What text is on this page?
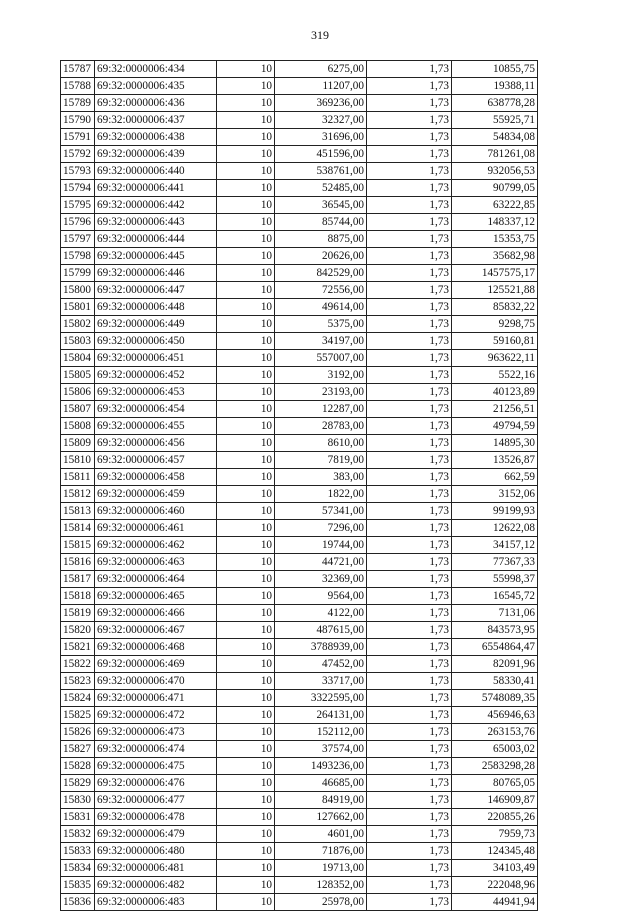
319
15787	69:32:0000006:434	10	6275,00	1,73	10855,75
15788	69:32:0000006:435	10	11207,00	1,73	19388,11
15789	69:32:0000006:436	10	369236,00	1,73	638778,28
15790	69:32:0000006:437	10	32327,00	1,73	55925,71
15791	69:32:0000006:438	10	31696,00	1,73	54834,08
15792	69:32:0000006:439	10	451596,00	1,73	781261,08
15793	69:32:0000006:440	10	538761,00	1,73	932056,53
15794	69:32:0000006:441	10	52485,00	1,73	90799,05
15795	69:32:0000006:442	10	36545,00	1,73	63222,85
15796	69:32:0000006:443	10	85744,00	1,73	148337,12
15797	69:32:0000006:444	10	8875,00	1,73	15353,75
15798	69:32:0000006:445	10	20626,00	1,73	35682,98
15799	69:32:0000006:446	10	842529,00	1,73	1457575,17
15800	69:32:0000006:447	10	72556,00	1,73	125521,88
15801	69:32:0000006:448	10	49614,00	1,73	85832,22
15802	69:32:0000006:449	10	5375,00	1,73	9298,75
15803	69:32:0000006:450	10	34197,00	1,73	59160,81
15804	69:32:0000006:451	10	557007,00	1,73	963622,11
15805	69:32:0000006:452	10	3192,00	1,73	5522,16
15806	69:32:0000006:453	10	23193,00	1,73	40123,89
15807	69:32:0000006:454	10	12287,00	1,73	21256,51
15808	69:32:0000006:455	10	28783,00	1,73	49794,59
15809	69:32:0000006:456	10	8610,00	1,73	14895,30
15810	69:32:0000006:457	10	7819,00	1,73	13526,87
15811	69:32:0000006:458	10	383,00	1,73	662,59
15812	69:32:0000006:459	10	1822,00	1,73	3152,06
15813	69:32:0000006:460	10	57341,00	1,73	99199,93
15814	69:32:0000006:461	10	7296,00	1,73	12622,08
15815	69:32:0000006:462	10	19744,00	1,73	34157,12
15816	69:32:0000006:463	10	44721,00	1,73	77367,33
15817	69:32:0000006:464	10	32369,00	1,73	55998,37
15818	69:32:0000006:465	10	9564,00	1,73	16545,72
15819	69:32:0000006:466	10	4122,00	1,73	7131,06
15820	69:32:0000006:467	10	487615,00	1,73	843573,95
15821	69:32:0000006:468	10	3788939,00	1,73	6554864,47
15822	69:32:0000006:469	10	47452,00	1,73	82091,96
15823	69:32:0000006:470	10	33717,00	1,73	58330,41
15824	69:32:0000006:471	10	3322595,00	1,73	5748089,35
15825	69:32:0000006:472	10	264131,00	1,73	456946,63
15826	69:32:0000006:473	10	152112,00	1,73	263153,76
15827	69:32:0000006:474	10	37574,00	1,73	65003,02
15828	69:32:0000006:475	10	1493236,00	1,73	2583298,28
15829	69:32:0000006:476	10	46685,00	1,73	80765,05
15830	69:32:0000006:477	10	84919,00	1,73	146909,87
15831	69:32:0000006:478	10	127662,00	1,73	220855,26
15832	69:32:0000006:479	10	4601,00	1,73	7959,73
15833	69:32:0000006:480	10	71876,00	1,73	124345,48
15834	69:32:0000006:481	10	19713,00	1,73	34103,49
15835	69:32:0000006:482	10	128352,00	1,73	222048,96
15836	69:32:0000006:483	10	25978,00	1,73	44941,94
